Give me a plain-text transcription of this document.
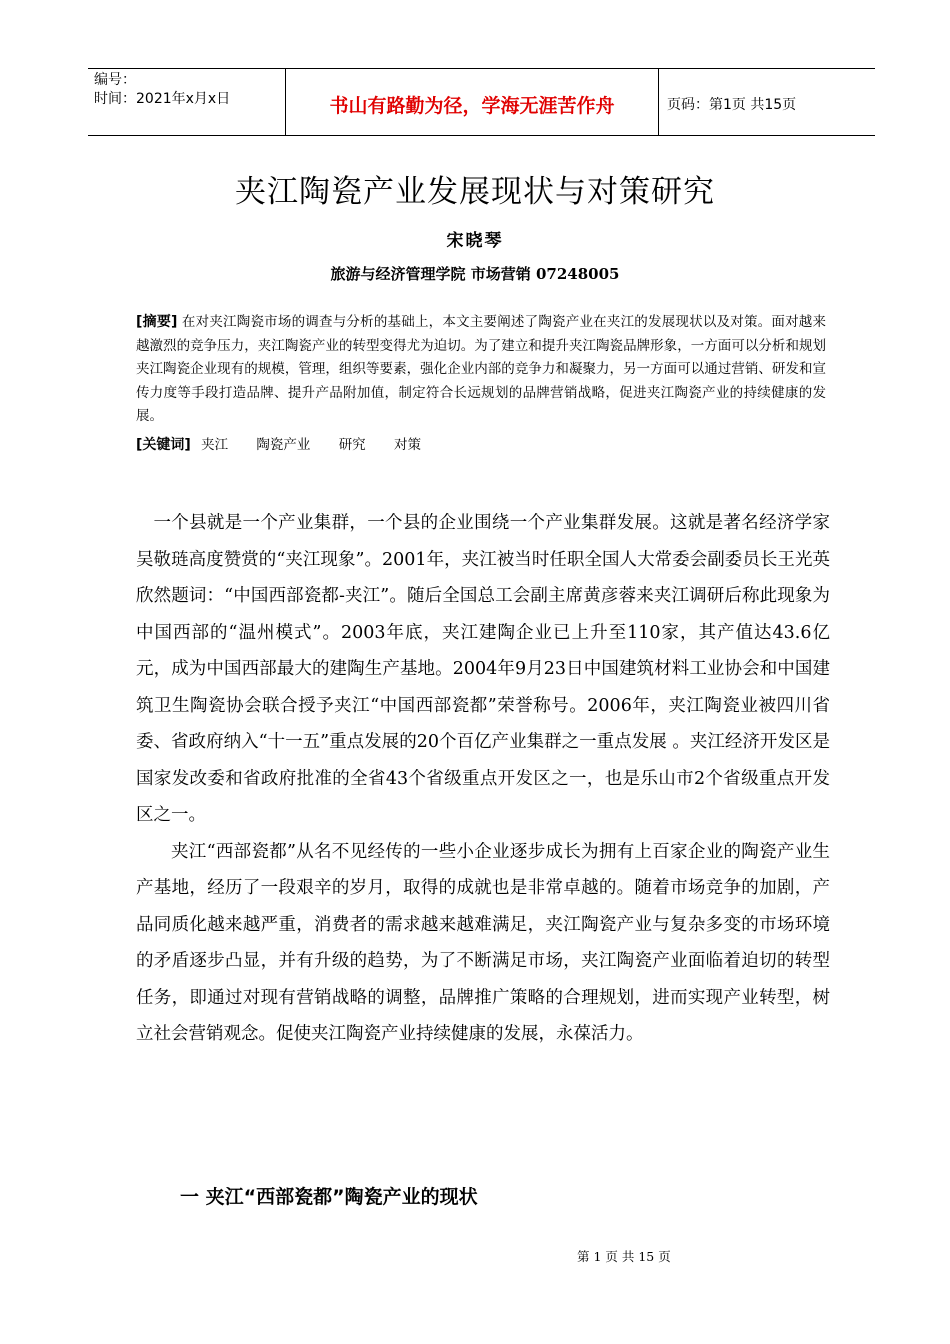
编号：
时间：2021年x月x日	书山有路勤为径，学海无涯苦作舟	页码：第1页 共15页
夹江陶瓷产业发展现状与对策研究
宋晓琴
旅游与经济管理学院 市场营销 07248005
[摘要] 在对夹江陶瓷市场的调查与分析的基础上，本文主要阐述了陶瓷产业在夹江的发展现状以及对策。面对越来越激烈的竞争压力，夹江陶瓷产业的转型变得尤为迫切。为了建立和提升夹江陶瓷品牌形象，一方面可以分析和规划夹江陶瓷企业现有的规模，管理，组织等要素，强化企业内部的竞争力和凝聚力，另一方面可以通过营销、研发和宣传力度等手段打造品牌、提升产品附加值，制定符合长远规划的品牌营销战略，促进夹江陶瓷产业的持续健康的发展。
[关键词] 夹江 陶瓷产业 研究 对策

一个县就是一个产业集群，一个县的企业围绕一个产业集群发展。这就是著名经济学家吴敬琏高度赞赏的“夹江现象”。2001年，夹江被当时任职全国人大常委会副委员长王光英欣然题词：“中国西部瓷都-夹江”。随后全国总工会副主席黄彦蓉来夹江调研后称此现象为中国西部的“温州模式”。2003年底，夹江建陶企业已上升至110家，其产值达43.6亿元，成为中国西部最大的建陶生产基地。2004年9月23日中国建筑材料工业协会和中国建筑卫生陶瓷协会联合授予夹江“中国西部瓷都”荣誉称号。2006年，夹江陶瓷业被四川省委、省政府纳入“十一五”重点发展的20个百亿产业集群之一重点发展 。夹江经济开发区是国家发改委和省政府批准的全省43个省级重点开发区之一，也是乐山市2个省级重点开发区之一。

夹江“西部瓷都”从名不见经传的一些小企业逐步成长为拥有上百家企业的陶瓷产业生产基地，经历了一段艰辛的岁月，取得的成就也是非常卓越的。随着市场竞争的加剧，产品同质化越来越严重，消费者的需求越来越难满足，夹江陶瓷产业与复杂多变的市场环境的矛盾逐步凸显，并有升级的趋势，为了不断满足市场，夹江陶瓷产业面临着迫切的转型任务，即通过对现有营销战略的调整，品牌推广策略的合理规划，进而实现产业转型，树立社会营销观念。促使夹江陶瓷产业持续健康的发展，永葆活力。

一 夹江“西部瓷都”陶瓷产业的现状
第 1 页 共 15 页
